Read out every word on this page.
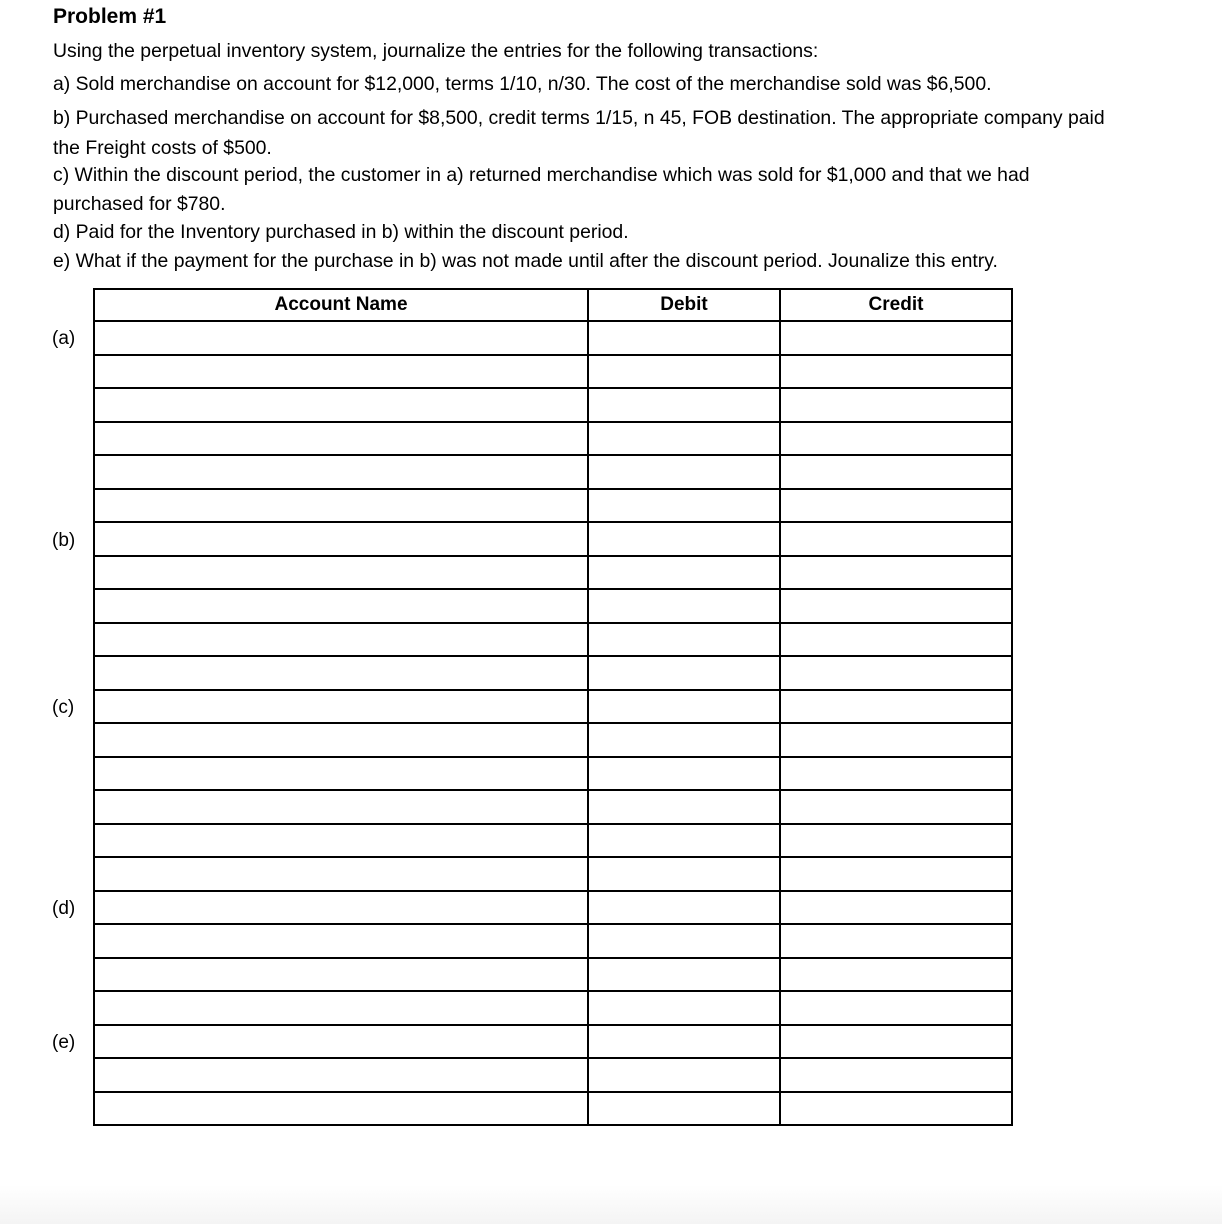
Problem #1
Using the perpetual inventory system, journalize the entries for the following transactions:
a) Sold merchandise on account for $12,000, terms 1/10, n/30. The cost of the merchandise sold was $6,500.
b) Purchased merchandise on account for $8,500, credit terms 1/15, n 45, FOB destination. The appropriate company paid
the Freight costs of $500.
c) Within the discount period, the customer in a) returned merchandise which was sold for $1,000 and that we had
purchased for $780.
d) Paid for the Inventory purchased in b) within the discount period.
e) What if the payment for the purchase in b) was not made until after the discount period. Jounalize this entry.
Account Name	Debit	Credit

(a)
(b)
(c)
(d)
(e)
